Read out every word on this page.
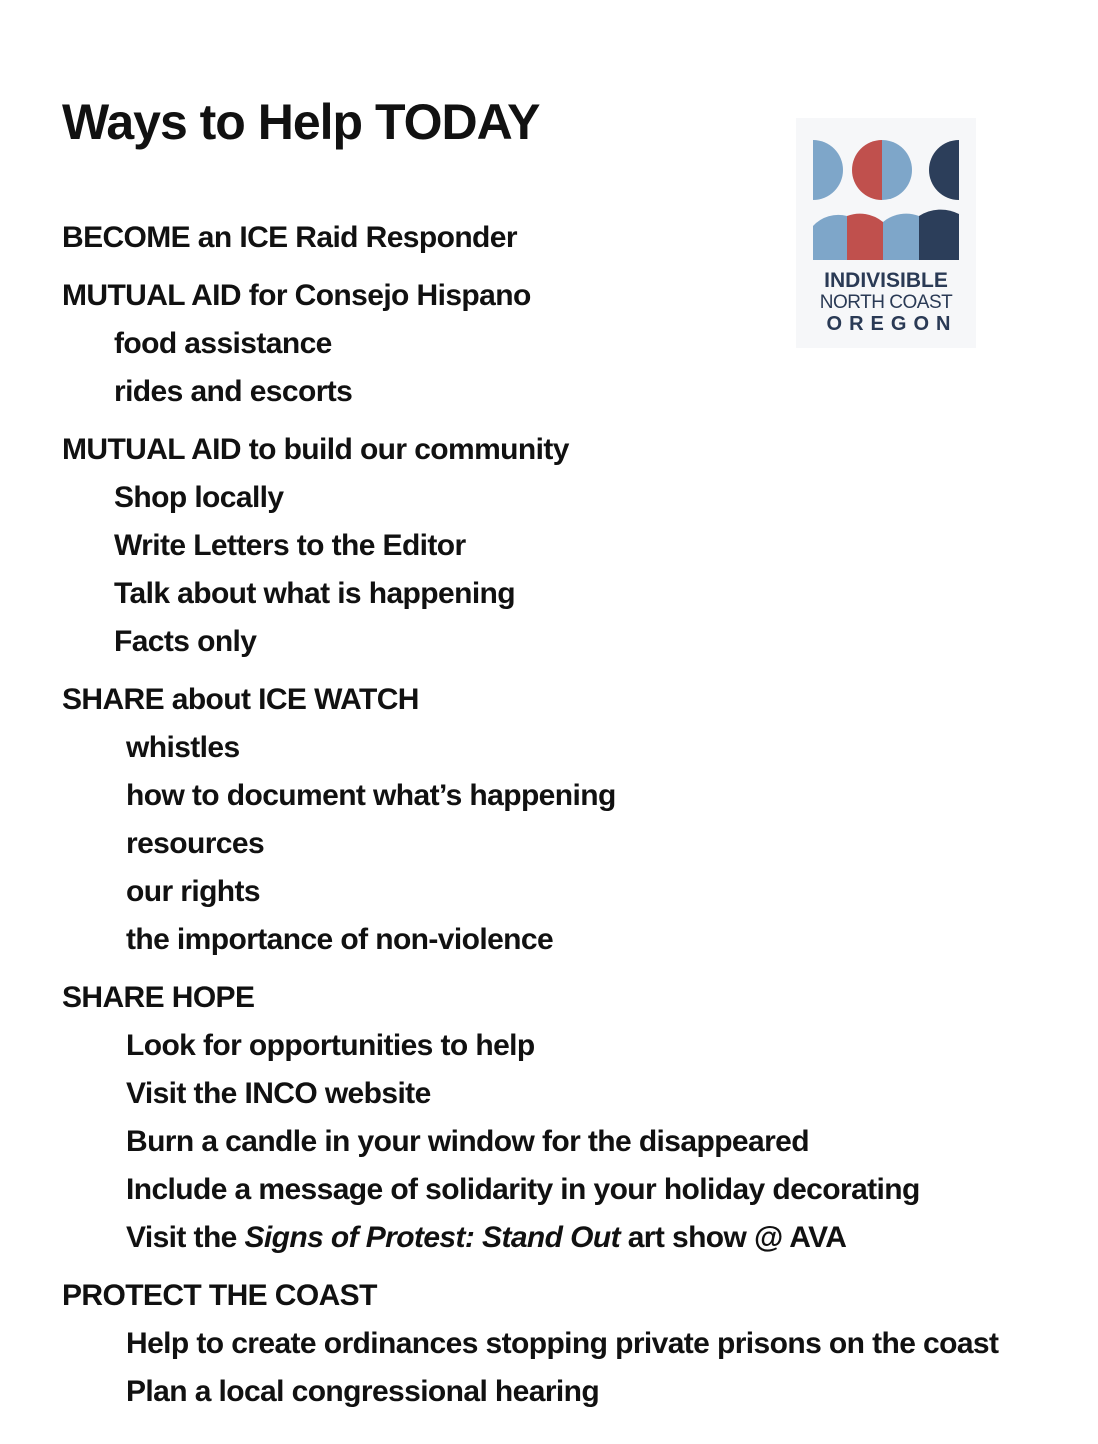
Ways to Help TODAY
INDIVISIBLE
NORTH COAST
OREGON
BECOME an ICE Raid Responder
MUTUAL AID for Consejo Hispano
food assistance
rides and escorts
MUTUAL AID to build our community
Shop locally
Write Letters to the Editor
Talk about what is happening
Facts only
SHARE about ICE WATCH
whistles
how to document what’s happening
resources
our rights
the importance of non-violence
SHARE HOPE
Look for opportunities to help
Visit the INCO website
Burn a candle in your window for the disappeared
Include a message of solidarity in your holiday decorating
Visit the Signs of Protest: Stand Out art show @ AVA
PROTECT THE COAST
Help to create ordinances stopping private prisons on the coast
Plan a local congressional hearing
